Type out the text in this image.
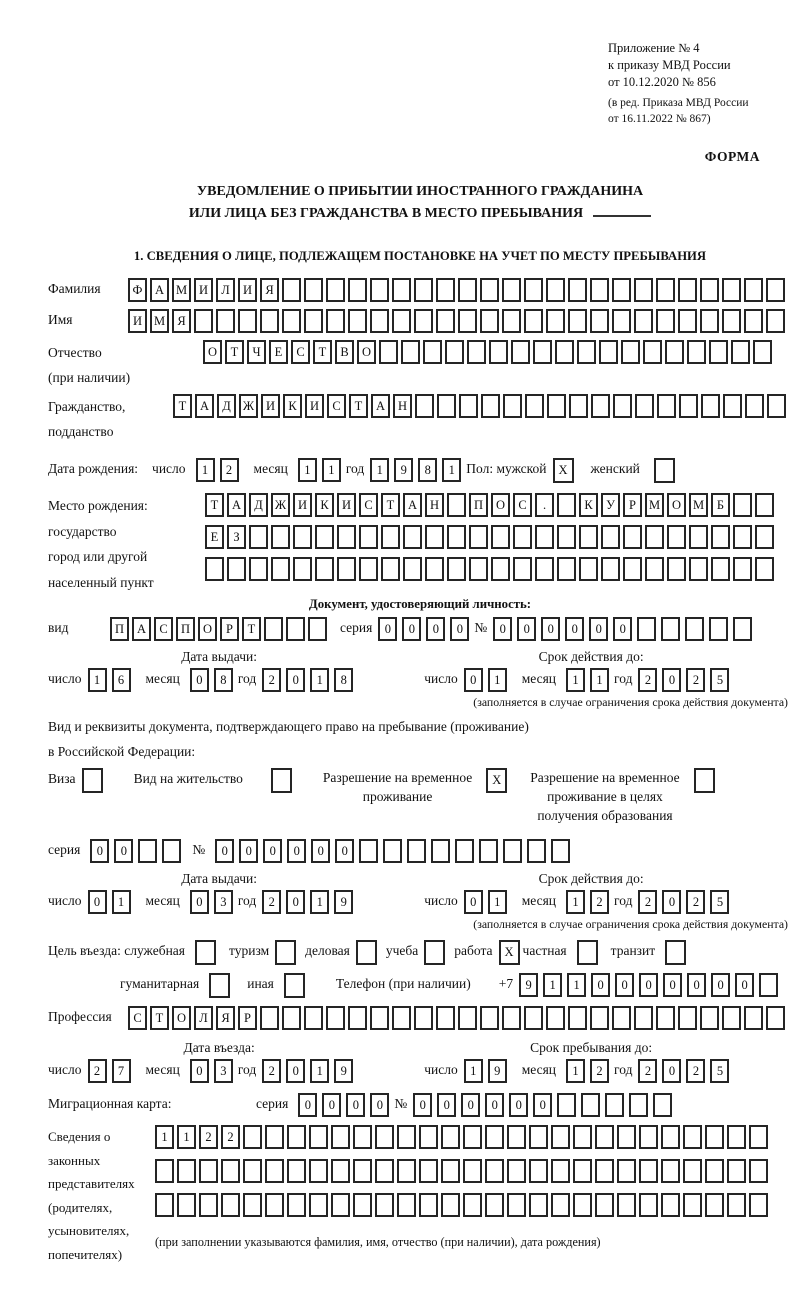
Приложение № 4
к приказу МВД России
от 10.12.2020 № 856
(в ред. Приказа МВД России
от 16.11.2022 № 867)
ФОРМА
УВЕДОМЛЕНИЕ О ПРИБЫТИИ ИНОСТРАННОГО ГРАЖДАНИНА
ИЛИ ЛИЦА БЕЗ ГРАЖДАНСТВА В МЕСТО ПРЕБЫВАНИЯ
1. СВЕДЕНИЯ О ЛИЦЕ, ПОДЛЕЖАЩЕМ ПОСТАНОВКЕ НА УЧЕТ ПО МЕСТУ ПРЕБЫВАНИЯ
Фамилия	Ф	А М И	Л	И	Я
Имя	И М Я
Отчество
(при наличии)
О	Т	Ч	Е	С	Т	В	О
Гражданство,
подданство
Т	А	Д Ж И	К	И	С	Т	А	Н
Дата рождения: число	1	2	месяц	1	1 год 1	9	8	1 Пол: мужской X	женский
Место рождения:
государство
город или другой
населенный пункт
Т	А	Д Ж И	К	И	С	Т	А	Н	П	О	С	.	К	У	Р	М О М	Б

Е	З

Документ, удостоверяющий личность:
вид	П	А	С	П	О	Р	Т	серия 0	0	0	0 № 0	0	0	0	0	0
Дата выдачи:	Срок действия до:
число 1	6	месяц	0	8 год 2	0	1	8	число 0	1	месяц	1	1 год 2	0	2	5
(заполняется в случае ограничения срока действия документа)
Вид и реквизиты документа, подтверждающего право на пребывание (проживание)
в Российской Федерации:
Виза	Вид на жительство	Разрешение на временное
проживание
X	Разрешение на временное
проживание в целях
получения образования
серия	0	0	№	0	0	0	0	0	0
Дата выдачи:	Срок действия до:
число 0	1	месяц	0	3 год 2	0	1	9	число 0	1	месяц	1	2 год 2	0	2	5
(заполняется в случае ограничения срока действия документа)
Цель въезда: служебная	туризм	деловая	учеба	работа X частная	транзит
гуманитарная	иная	Телефон (при наличии) +7 9	1	1	0	0	0	0	0	0	0
Профессия	С	Т	О	Л	Я	Р
Дата въезда:	Срок пребывания до:
число 2	7	месяц	0	3 год 2	0	1	9	число 1	9	месяц	1	2 год 2	0	2	5
Миграционная карта:	серия	0	0	0	0 № 0	0	0	0	0	0
Сведения о
законных
представителях
(родителях,
усыновителях,
попечителях)
1	1	2	2

(при заполнении указываются фамилия, имя, отчество (при наличии), дата рождения)
